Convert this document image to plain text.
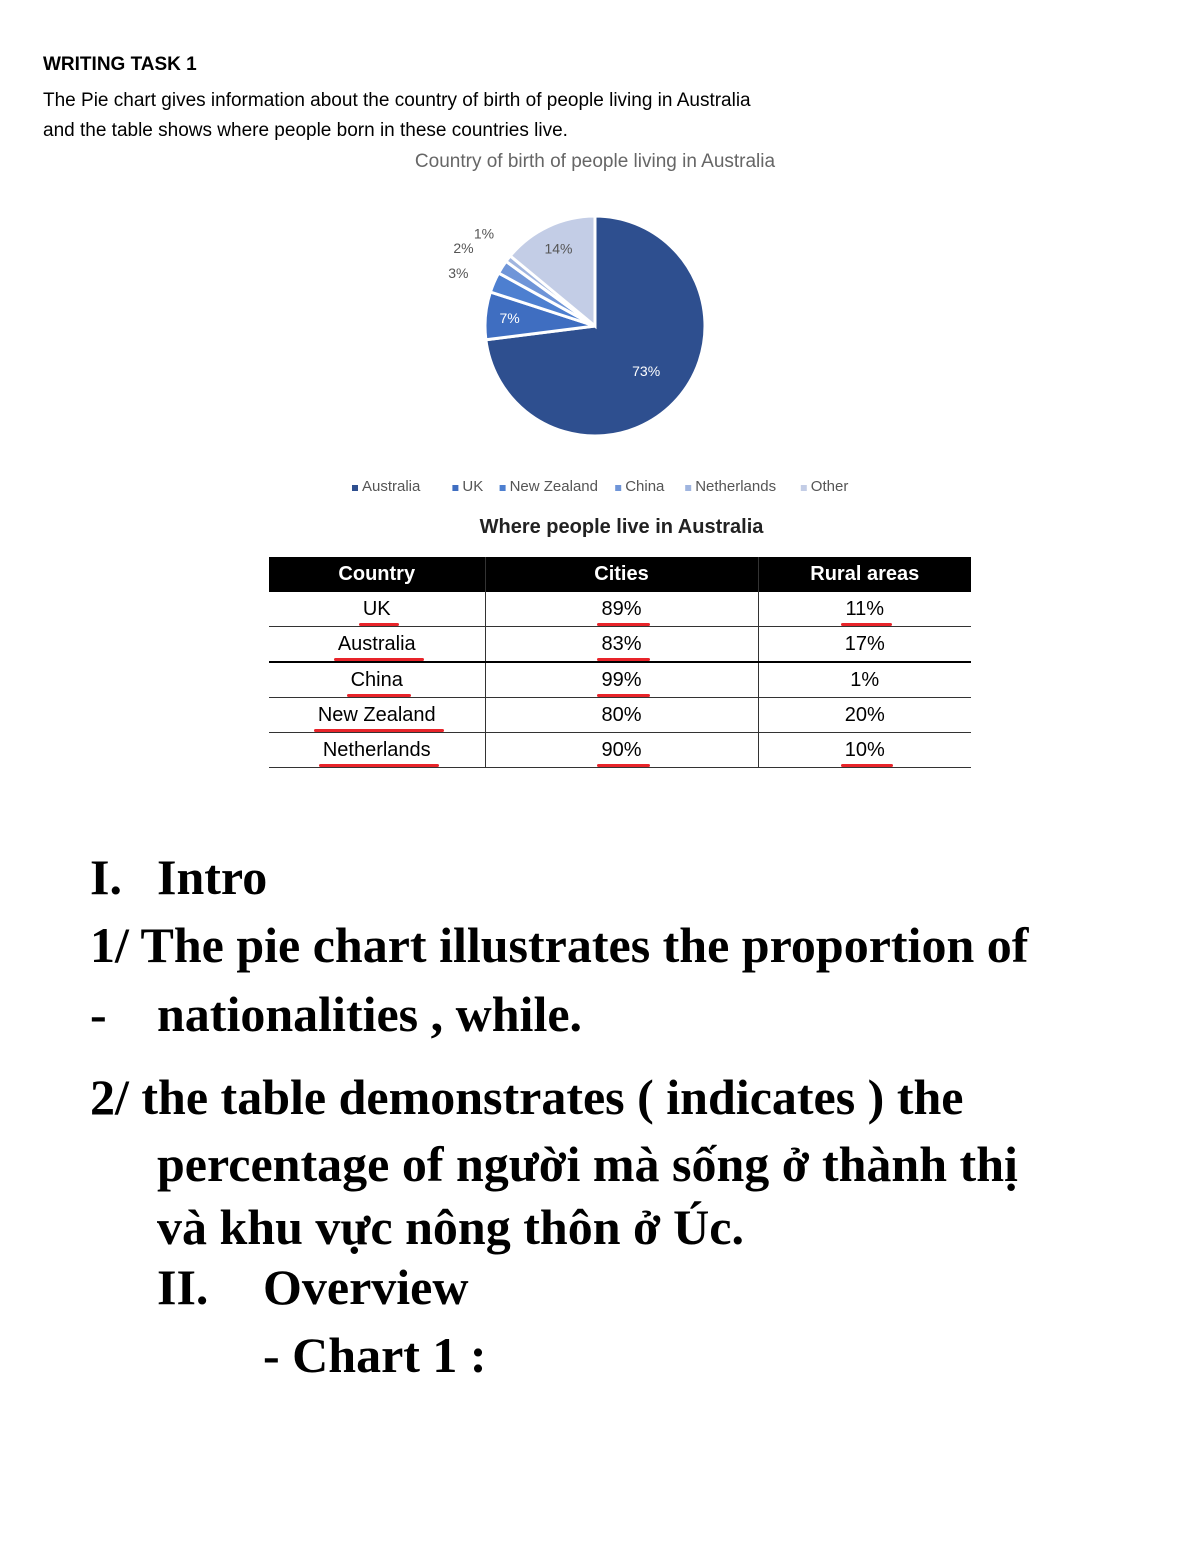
WRITING TASK 1
The Pie chart gives information about the country of birth of people living in Australia
and the table shows where people born in these countries live.
Country of birth of people living in Australia
73%
7%
3%
2%
1%
14%
Australia	UK New Zealand China Netherlands Other
Where people live in Australia
Country	Cities	Rural areas
UK	89%	11%
Australia	83%	17%
China	99%	1%
New Zealand	80%	20%
Netherlands	90%	10%
I. Intro
1/ The pie chart illustrates the proportion of
- nationalities , while.
2/ the table demonstrates ( indicates ) the
percentage of người mà sống ở thành thị
và khu vực nông thôn ở Úc.
II. Overview
- Chart 1 :
